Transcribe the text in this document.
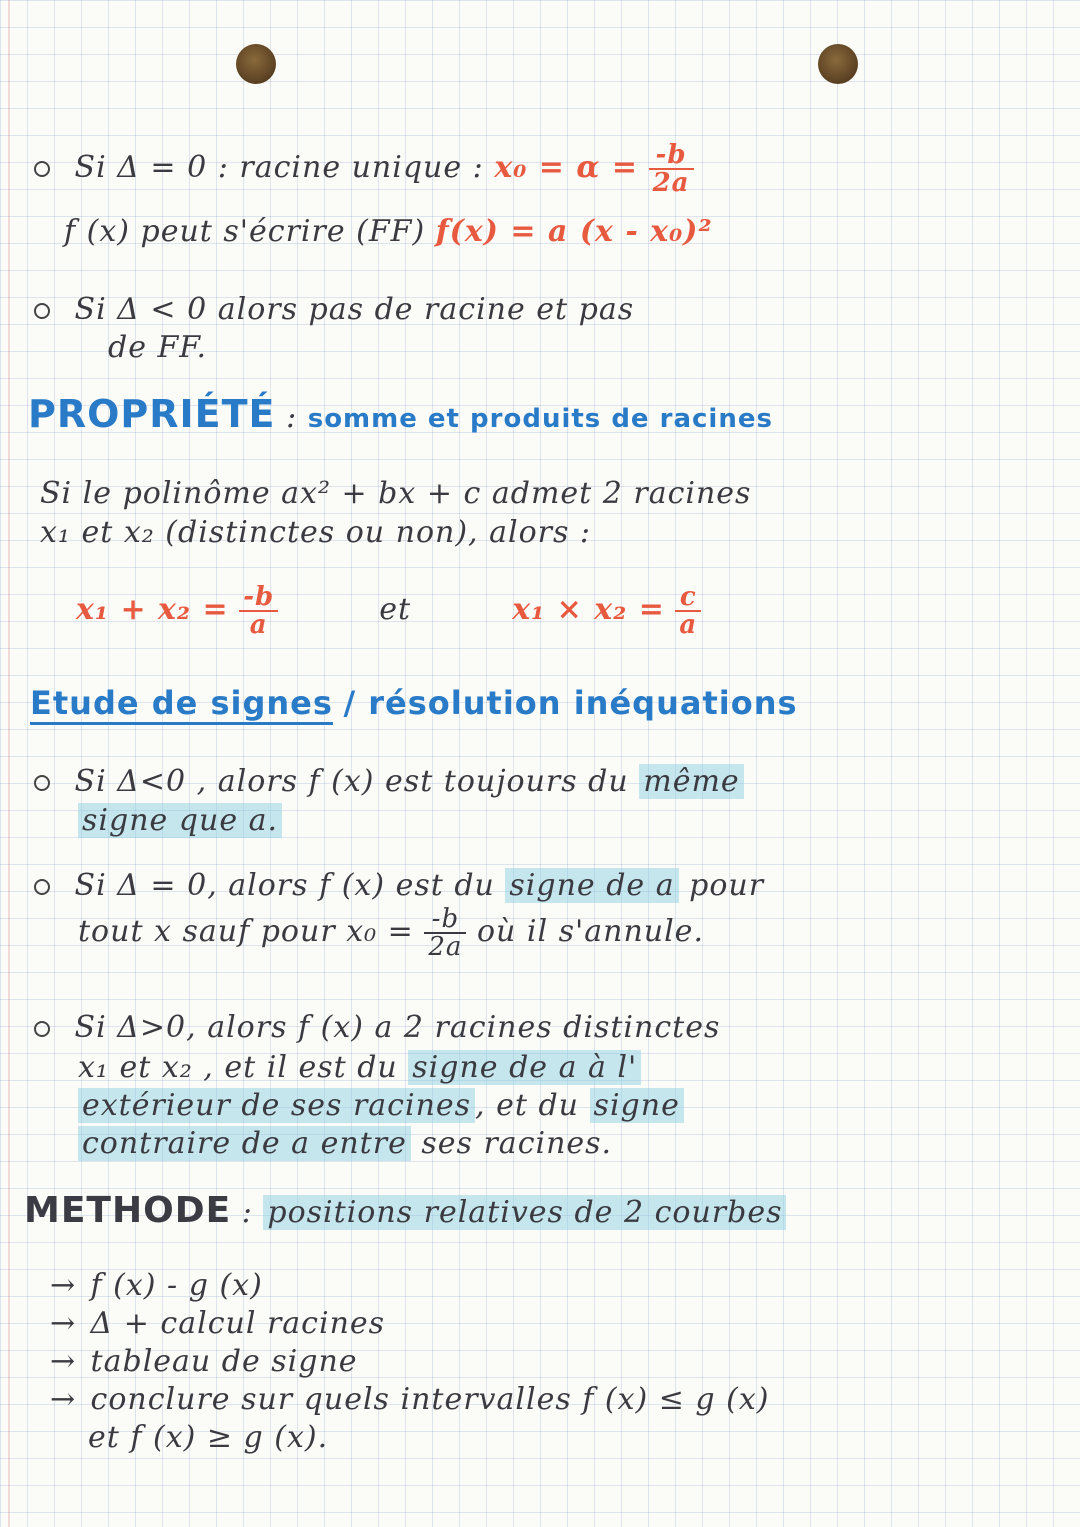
Si Δ = 0 : racine unique : $x_0 = \alpha = \frac{-b}{2a}$
f (x) peut s'écrire (FF) f(x) = a (x - x₀)²
Si Δ < 0 alors pas de racine et pas
de FF.
PROPRIÉTÉ : somme et produits de racines
Si le polinôme ax² + bx + c admet 2 racines
x₁ et x₂ (distinctes ou non), alors :
$x_1 + x_2 = \frac{-b}{a}$	et	$x_1 \times x_2 = \frac{c}{a}$
Etude de signes / résolution inéquations
Si Δ<0 , alors f (x) est toujours du même
signe que a.
Si Δ = 0, alors f (x) est du signe de a pour
tout x sauf pour $x_0 = \frac{-b}{2a}$ où il s'annule.
Si Δ>0, alors f (x) a 2 racines distinctes
x₁ et x₂ , et il est du signe de a à l'
extérieur de ses racines , et du signe
contraire de a entre ses racines.
METHODE : positions relatives de 2 courbes
→ f (x) - g (x)
→ Δ + calcul racines
→ tableau de signe
→ conclure sur quels intervalles f (x) ≤ g (x)
et f (x) ≥ g (x).
